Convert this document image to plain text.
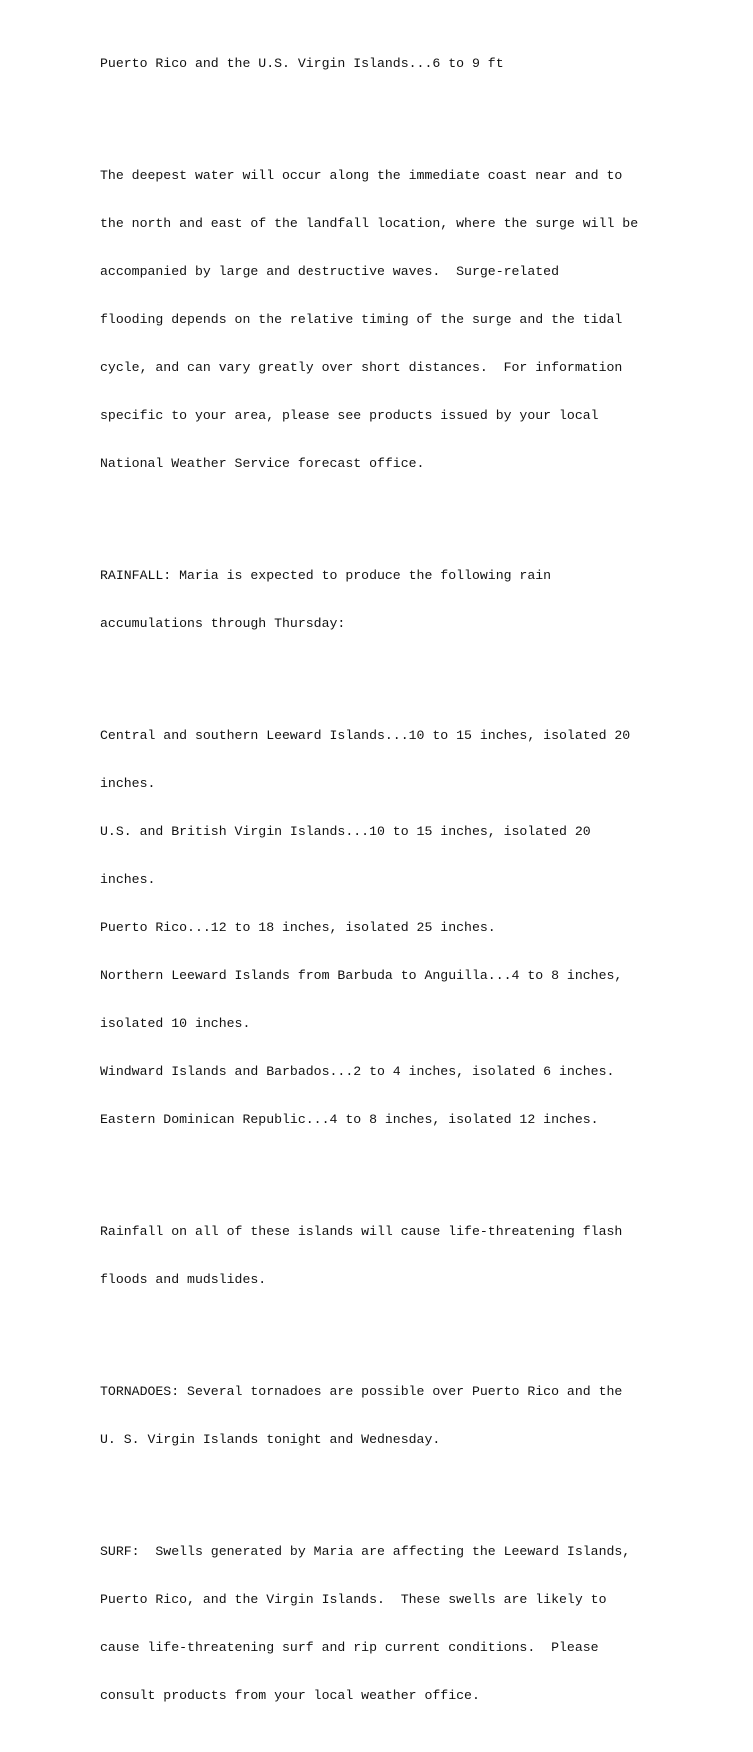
Puerto Rico and the U.S. Virgin Islands...6 to 9 ft

The deepest water will occur along the immediate coast near and to

the north and east of the landfall location, where the surge will be

accompanied by large and destructive waves.  Surge-related

flooding depends on the relative timing of the surge and the tidal

cycle, and can vary greatly over short distances.  For information

specific to your area, please see products issued by your local

National Weather Service forecast office.

RAINFALL: Maria is expected to produce the following rain

accumulations through Thursday:

Central and southern Leeward Islands...10 to 15 inches, isolated 20

inches.

U.S. and British Virgin Islands...10 to 15 inches, isolated 20

inches.

Puerto Rico...12 to 18 inches, isolated 25 inches.

Northern Leeward Islands from Barbuda to Anguilla...4 to 8 inches,

isolated 10 inches.

Windward Islands and Barbados...2 to 4 inches, isolated 6 inches.

Eastern Dominican Republic...4 to 8 inches, isolated 12 inches.

Rainfall on all of these islands will cause life-threatening flash

floods and mudslides.

TORNADOES: Several tornadoes are possible over Puerto Rico and the

U. S. Virgin Islands tonight and Wednesday.

SURF:  Swells generated by Maria are affecting the Leeward Islands,

Puerto Rico, and the Virgin Islands.  These swells are likely to

cause life-threatening surf and rip current conditions.  Please

consult products from your local weather office.
